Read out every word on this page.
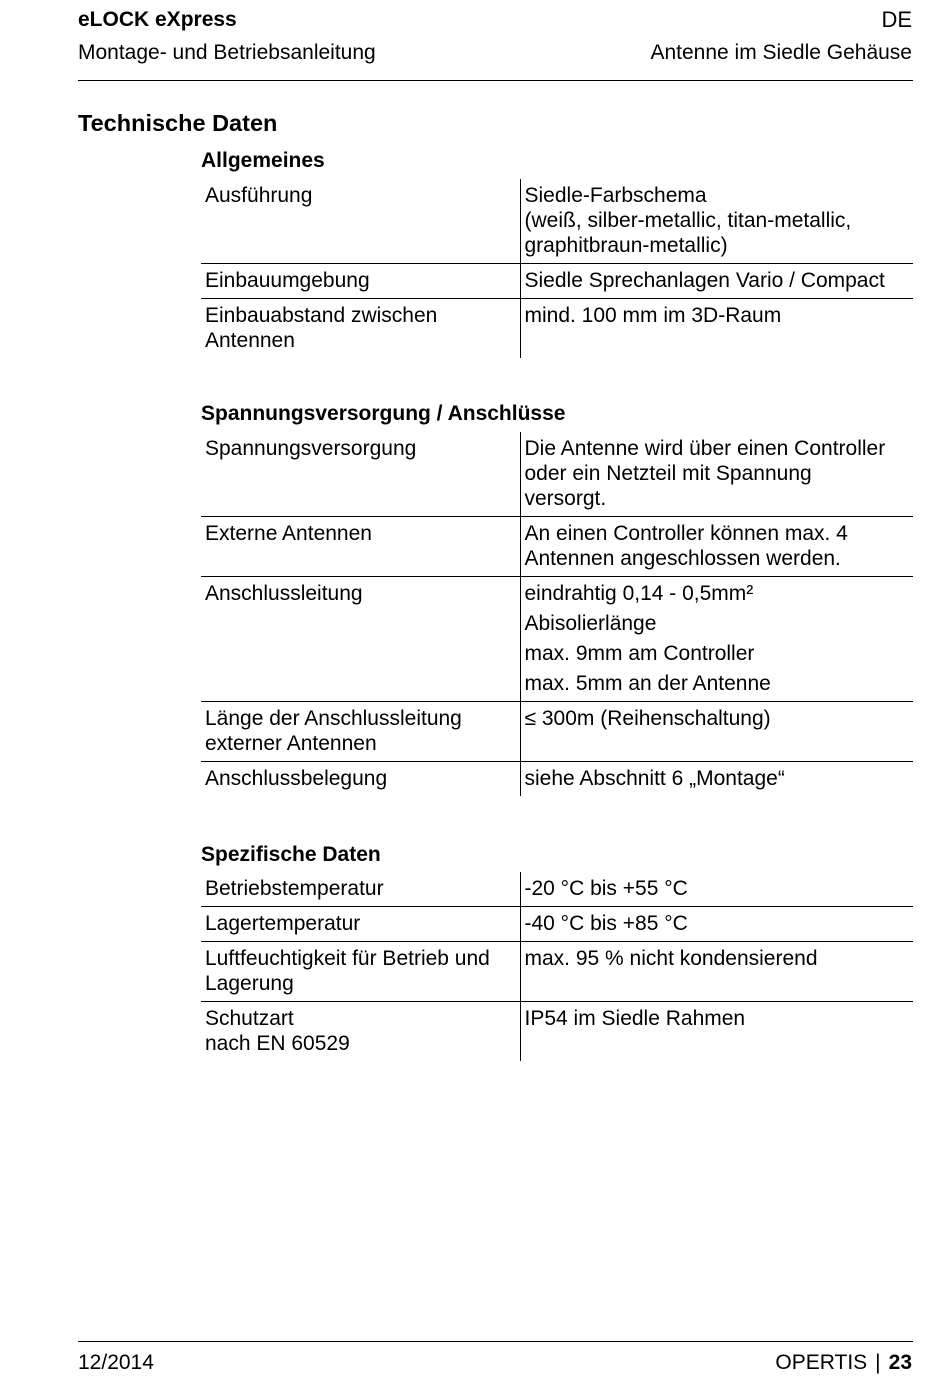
eLOCK eXpress
Montage- und Betriebsanleitung
DE
Antenne im Siedle Gehäuse
Technische Daten
Allgemeines
Ausführung	Siedle-Farbschema
(weiß, silber-metallic, titan-metallic,
graphitbraun-metallic)

Einbauumgebung	Siedle Sprechanlagen Vario / Compact

Einbauabstand zwischen
Antennen	mind. 100 mm im 3D-Raum
Spannungsversorgung / Anschlüsse
Spannungsversorgung	Die Antenne wird über einen Controller
oder ein Netzteil mit Spannung
versorgt.

Externe Antennen	An einen Controller können max. 4
Antennen angeschlossen werden.

Anschlussleitung	eindrahtig 0,14 - 0,5mm²
Abisolierlänge
max. 9mm am Controller
max. 5mm an der Antenne

Länge der Anschlussleitung
externer Antennen	≤ 300m (Reihenschaltung)

Anschlussbelegung	siehe Abschnitt 6 „Montage“
Spezifische Daten
Betriebstemperatur	-20 °C bis +55 °C

Lagertemperatur	-40 °C bis +85 °C

Luftfeuchtigkeit für Betrieb und
Lagerung	max. 95 % nicht kondensierend

Schutzart
nach EN 60529	IP54 im Siedle Rahmen
12/2014	OPERTIS | 23
